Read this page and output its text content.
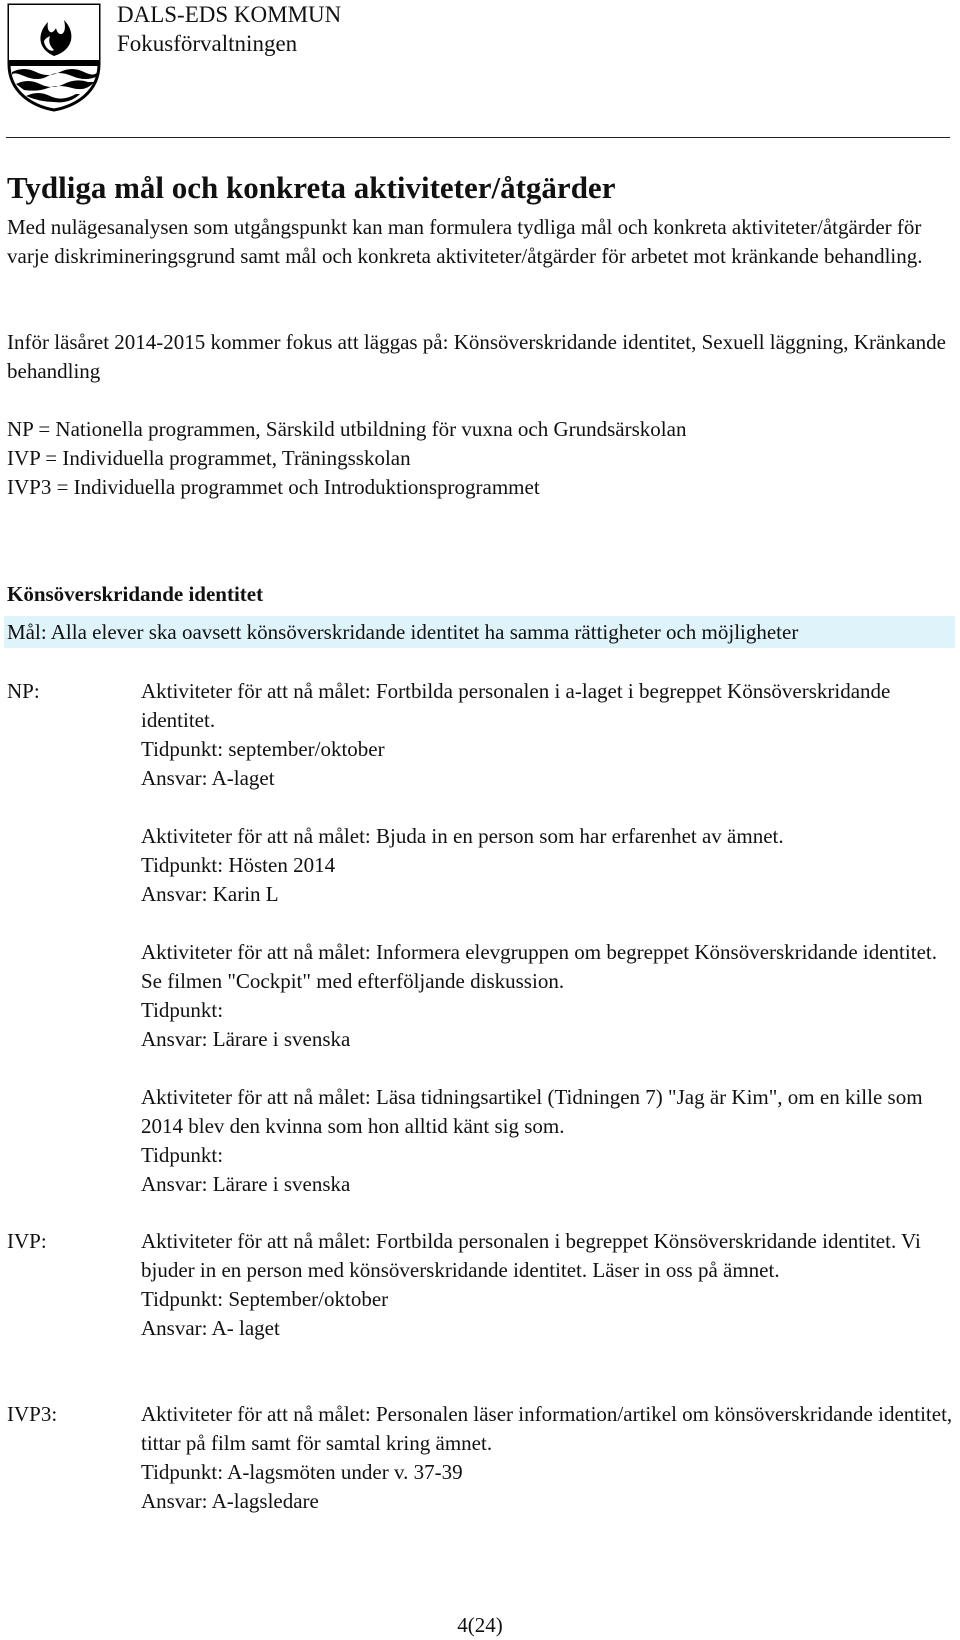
DALS-EDS KOMMUN
Fokusförvaltningen
Tydliga mål och konkreta aktiviteter/åtgärder

Med nulägesanalysen som utgångspunkt kan man formulera tydliga mål och konkreta aktiviteter/åtgärder för varje diskrimineringsgrund samt mål och konkreta aktiviteter/åtgärder för arbetet mot kränkande behandling.

Inför läsåret 2014-2015 kommer fokus att läggas på: Könsöverskridande identitet, Sexuell läggning, Kränkande behandling

NP = Nationella programmen, Särskild utbildning för vuxna och Grundsärskolan
IVP = Individuella programmet, Träningsskolan
IVP3 = Individuella programmet och Introduktionsprogrammet
Könsöverskridande identitet
Mål: Alla elever ska oavsett könsöverskridande identitet ha samma rättigheter och möjligheter
NP:	Aktiviteter för att nå målet: Fortbilda personalen i a-laget i begreppet Könsöverskridande identitet.
Tidpunkt: september/oktober
Ansvar: A-laget
Aktiviteter för att nå målet: Bjuda in en person som har erfarenhet av ämnet.
Tidpunkt: Hösten 2014
Ansvar: Karin L
Aktiviteter för att nå målet: Informera elevgruppen om begreppet Könsöverskridande identitet. Se filmen "Cockpit" med efterföljande diskussion.
Tidpunkt:
Ansvar: Lärare i svenska
Aktiviteter för att nå målet: Läsa tidningsartikel (Tidningen 7) "Jag är Kim", om en kille som 2014 blev den kvinna som hon alltid känt sig som.
Tidpunkt:
Ansvar: Lärare i svenska
IVP:	Aktiviteter för att nå målet: Fortbilda personalen i begreppet Könsöverskridande identitet. Vi bjuder in en person med könsöverskridande identitet. Läser in oss på ämnet.
Tidpunkt: September/oktober
Ansvar: A- laget
IVP3:	Aktiviteter för att nå målet: Personalen läser information/artikel om könsöverskridande identitet, tittar på film samt för samtal kring ämnet.
Tidpunkt: A-lagsmöten under v. 37-39
Ansvar: A-lagsledare
4(24)
